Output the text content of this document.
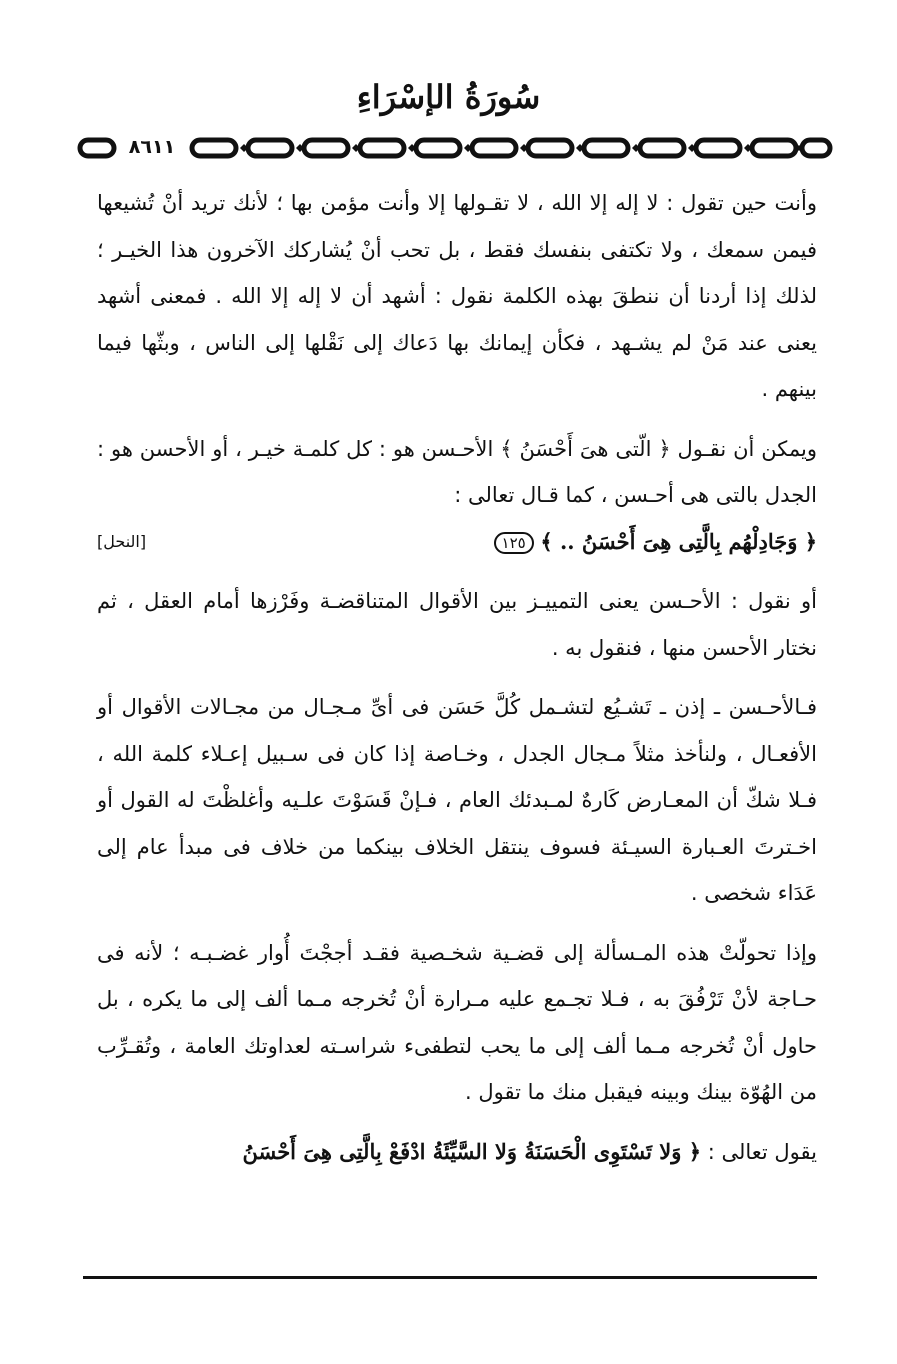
سُورَةُ الإسْرَاءِ
٨٦١١

وأنت حين تقول : لا إله إلا الله ، لا تقـولها إلا وأنت مؤمن بها ؛ لأنك تريد أنْ تُشيعها فيمن سمعك ، ولا تكتفى بنفسك فقط ، بل تحب أنْ يُشاركك الآخرون هذا الخيـر ؛ لذلك إذا أردنا أن ننطقَ بهذه الكلمة نقول : أشهد أن لا إله إلا الله . فمعنى أشهد يعنى عند مَنْ لم يشـهد ، فكأن إيمانك بها دَعاك إلى نَقْلها إلى الناس ، وبثّها فيما بينهم .

ويمكن أن نقـول ﴿ الّتى هىَ أَحْسَنُ ﴾ الأحـسن هو : كل كلمـة خيـر ، أو الأحسن هو : الجدل بالتى هى أحـسن ، كما قـال تعالى :
﴿ وَجَادِلْهُم بِالَّتِى هِىَ أَحْسَنُ .. ﴾ ١٢٥
[النحل]

أو نقول : الأحـسن يعنى التمييـز بين الأقوال المتناقضـة وفَرْزها أمام العقل ، ثم نختار الأحسن منها ، فنقول به .

فـالأحـسن ـ إذن ـ تَشـيُع لتشـمل كُلَّ حَسَن فى أىِّ مـجـال من مجـالات الأقوال أو الأفعـال ، ولنأخذ مثلاً مـجال الجدل ، وخـاصة إذا كان فى سـبيل إعـلاء كلمة الله ، فـلا شكّ أن المعـارض كَارهٌ لمـبدئك العام ، فـإنْ قَسَوْتَ علـيه وأغلظْتَ له القول أو اخـترتَ العـبارة السيـئة فسوف ينتقل الخلاف بينكما من خلاف فى مبدأ عام إلى عَدَاء شخصى .

وإذا تحولّتْ هذه المـسألة إلى قضـية شخـصية فقـد أججْتَ أُوار غضـبـه ؛ لأنه فى حـاجة لأنْ تَرْفُقَ به ، فـلا تجـمع عليه مـرارة أنْ تُخرجه مـما ألف إلى ما يكره ، بل حاول أنْ تُخرجه مـما ألف إلى ما يحب لتطفىء شراسـته لعداوتك العامة ، وتُقـرِّب من الهُوّة بينك وبينه فيقبل منك ما تقول .

يقول تعالى : ﴿ وَلا تَسْتَوِى الْحَسَنَةُ وَلا السَّيِّئَةُ ادْفَعْ بِالَّتِى هِىَ أَحْسَنُ
